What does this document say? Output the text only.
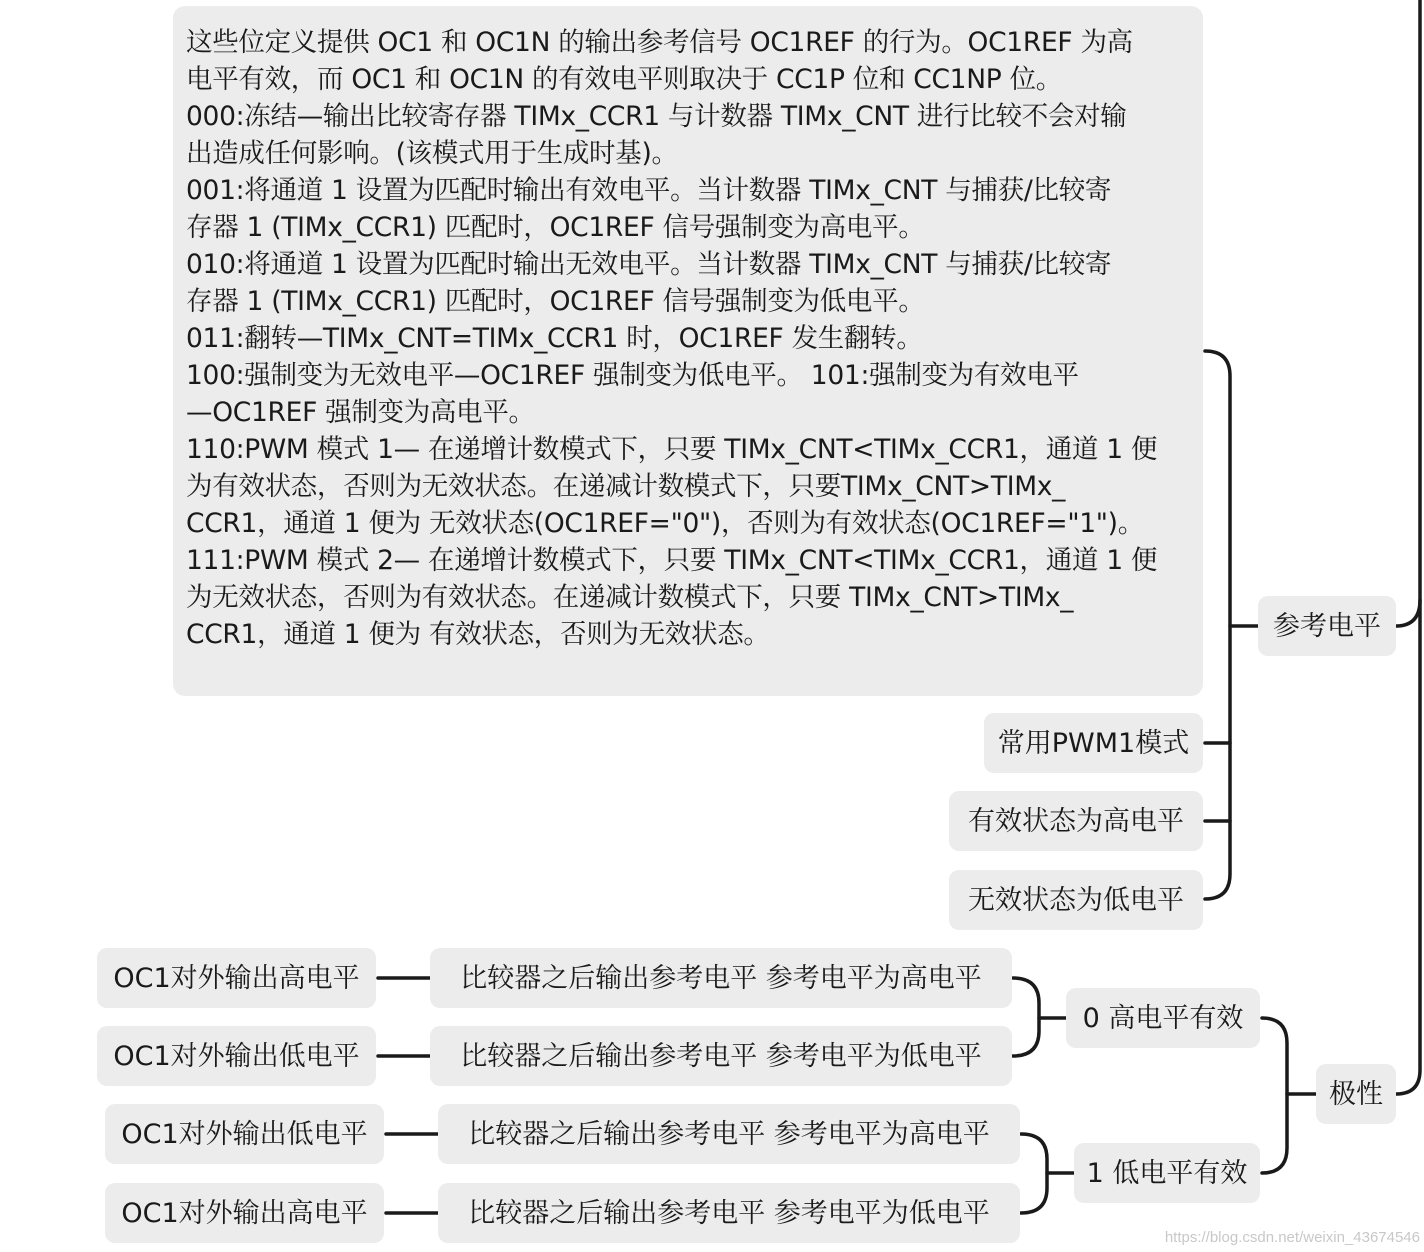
这些位定义提供 OC1 和 OC1N 的输出参考信号 OC1REF 的行为。OC1REF 为高
电平有效，而 OC1 和 OC1N 的有效电平则取决于 CC1P 位和 CC1NP 位。
000:冻结—输出比较寄存器 TIMx_CCR1 与计数器 TIMx_CNT 进行比较不会对输
出造成任何影响。(该模式用于生成时基)。
001:将通道 1 设置为匹配时输出有效电平。当计数器 TIMx_CNT 与捕获/比较寄
存器 1 (TIMx_CCR1) 匹配时，OC1REF 信号强制变为高电平。
010:将通道 1 设置为匹配时输出无效电平。当计数器 TIMx_CNT 与捕获/比较寄
存器 1 (TIMx_CCR1) 匹配时，OC1REF 信号强制变为低电平。
011:翻转—TIMx_CNT=TIMx_CCR1 时，OC1REF 发生翻转。
100:强制变为无效电平—OC1REF 强制变为低电平。 101:强制变为有效电平
—OC1REF 强制变为高电平。
110:PWM 模式 1— 在递增计数模式下，只要 TIMx_CNT<TIMx_CCR1，通道 1 便
为有效状态，否则为无效状态。在递减计数模式下，只要TIMx_CNT>TIMx_
CCR1，通道 1 便为 无效状态(OC1REF="0")，否则为有效状态(OC1REF="1")。
111:PWM 模式 2— 在递增计数模式下，只要 TIMx_CNT<TIMx_CCR1，通道 1 便
为无效状态，否则为有效状态。在递减计数模式下，只要 TIMx_CNT>TIMx_
CCR1，通道 1 便为 有效状态，否则为无效状态。	参考电平
常用PWM1模式
有效状态为高电平
无效状态为低电平
极性
0 高电平有效
1 低电平有效
比较器之后输出参考电平 参考电平为高电平
比较器之后输出参考电平 参考电平为低电平
比较器之后输出参考电平 参考电平为高电平
比较器之后输出参考电平 参考电平为低电平
OC1对外输出高电平
OC1对外输出低电平
OC1对外输出低电平
OC1对外输出高电平
https://blog.csdn.net/weixin_43674546
